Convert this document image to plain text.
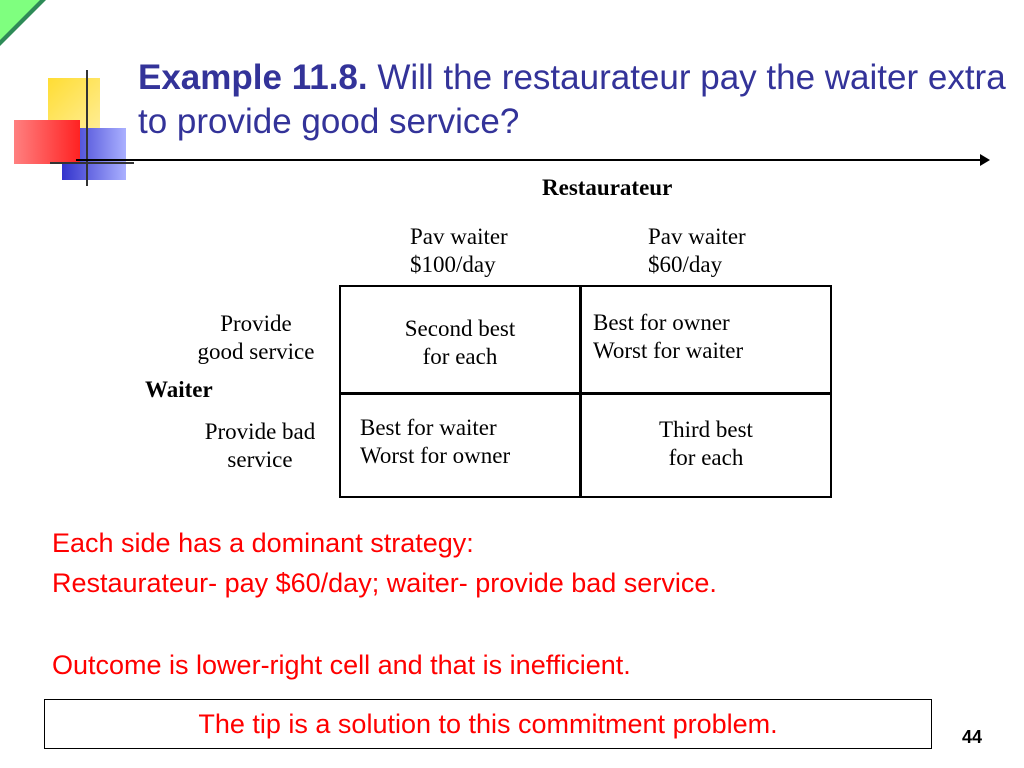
Example 11.8. Will the restaurateur pay the waiter extra to provide good service?
Restaurateur
Pav waiter
$100/day
Pav waiter
$60/day
Provide
good service
Waiter
Provide bad
service
Second best
for each
Best for owner
Worst for waiter
Best for waiter
Worst for owner
Third best
for each
Each side has a dominant strategy:
Restaurateur- pay $60/day; waiter- provide bad service.
Outcome is lower-right cell and that is inefficient.
The tip is a solution to this commitment problem.	44
